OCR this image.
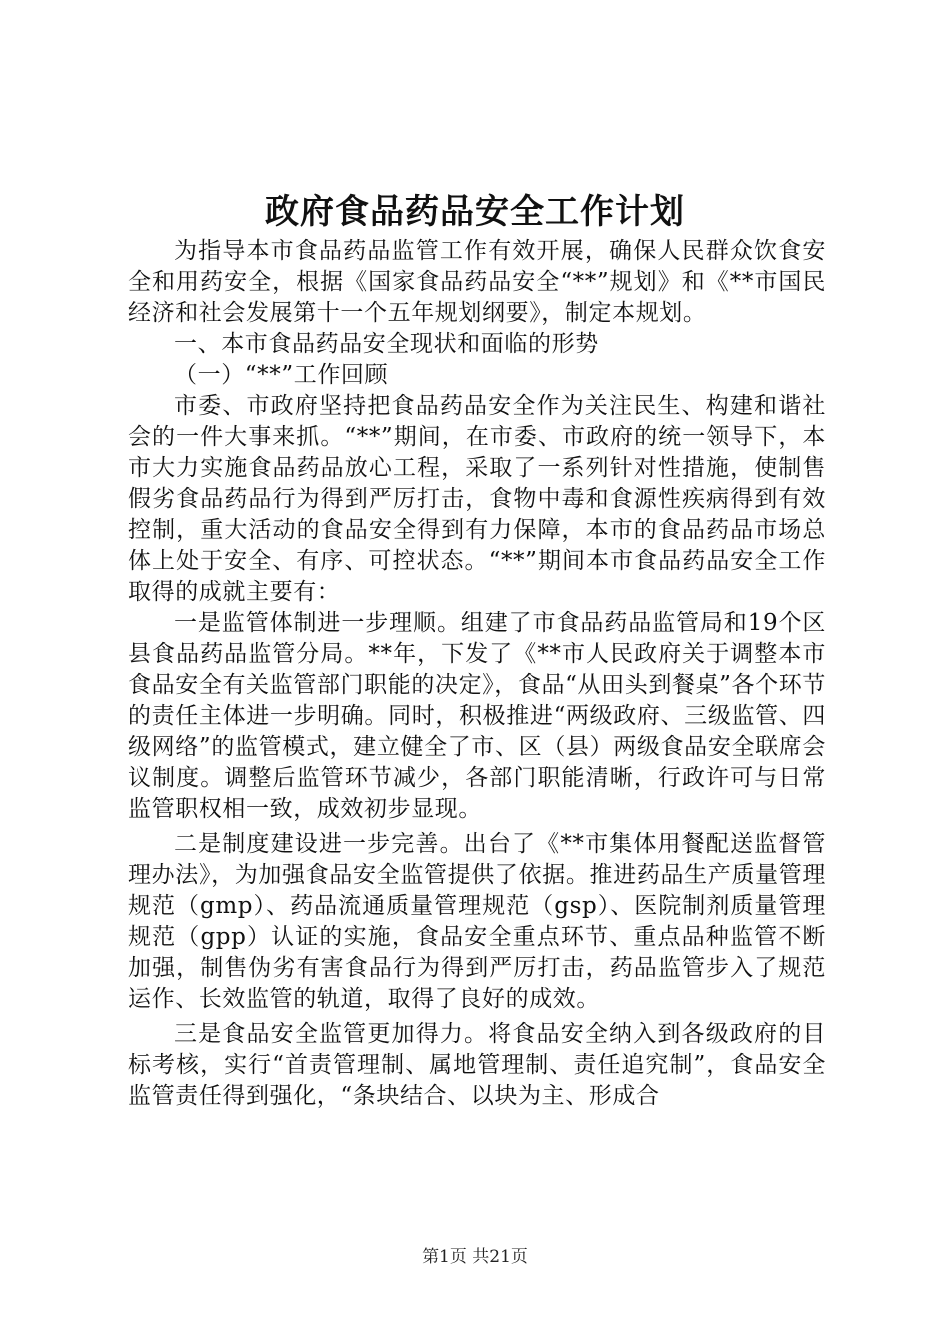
政府食品药品安全工作计划

为指导本市食品药品监管工作有效开展，确保人民群众饮食安全和用药安全，根据《国家食品药品安全“**”规划》和《**市国民经济和社会发展第十一个五年规划纲要》，制定本规划。

一、本市食品药品安全现状和面临的形势

（一）“**”工作回顾

市委、市政府坚持把食品药品安全作为关注民生、构建和谐社会的一件大事来抓。“**”期间，在市委、市政府的统一领导下，本市大力实施食品药品放心工程，采取了一系列针对性措施，使制售假劣食品药品行为得到严厉打击，食物中毒和食源性疾病得到有效控制，重大活动的食品安全得到有力保障，本市的食品药品市场总体上处于安全、有序、可控状态。“**”期间本市食品药品安全工作取得的成就主要有：

一是监管体制进一步理顺。组建了市食品药品监管局和19个区县食品药品监管分局。**年，下发了《**市人民政府关于调整本市食品安全有关监管部门职能的决定》，食品“从田头到餐桌”各个环节的责任主体进一步明确。同时，积极推进“两级政府、三级监管、四级网络”的监管模式，建立健全了市、区（县）两级食品安全联席会议制度。调整后监管环节减少，各部门职能清晰，行政许可与日常监管职权相一致，成效初步显现。

二是制度建设进一步完善。出台了《**市集体用餐配送监督管理办法》，为加强食品安全监管提供了依据。推进药品生产质量管理规范（gmp）、药品流通质量管理规范（gsp）、医院制剂质量管理规范（gpp）认证的实施，食品安全重点环节、重点品种监管不断加强，制售伪劣有害食品行为得到严厉打击，药品监管步入了规范运作、长效监管的轨道，取得了良好的成效。

三是食品安全监管更加得力。将食品安全纳入到各级政府的目标考核，实行“首责管理制、属地管理制、责任追究制”，食品安全监管责任得到强化，“条块结合、以块为主、形成合

第1页 共21页
